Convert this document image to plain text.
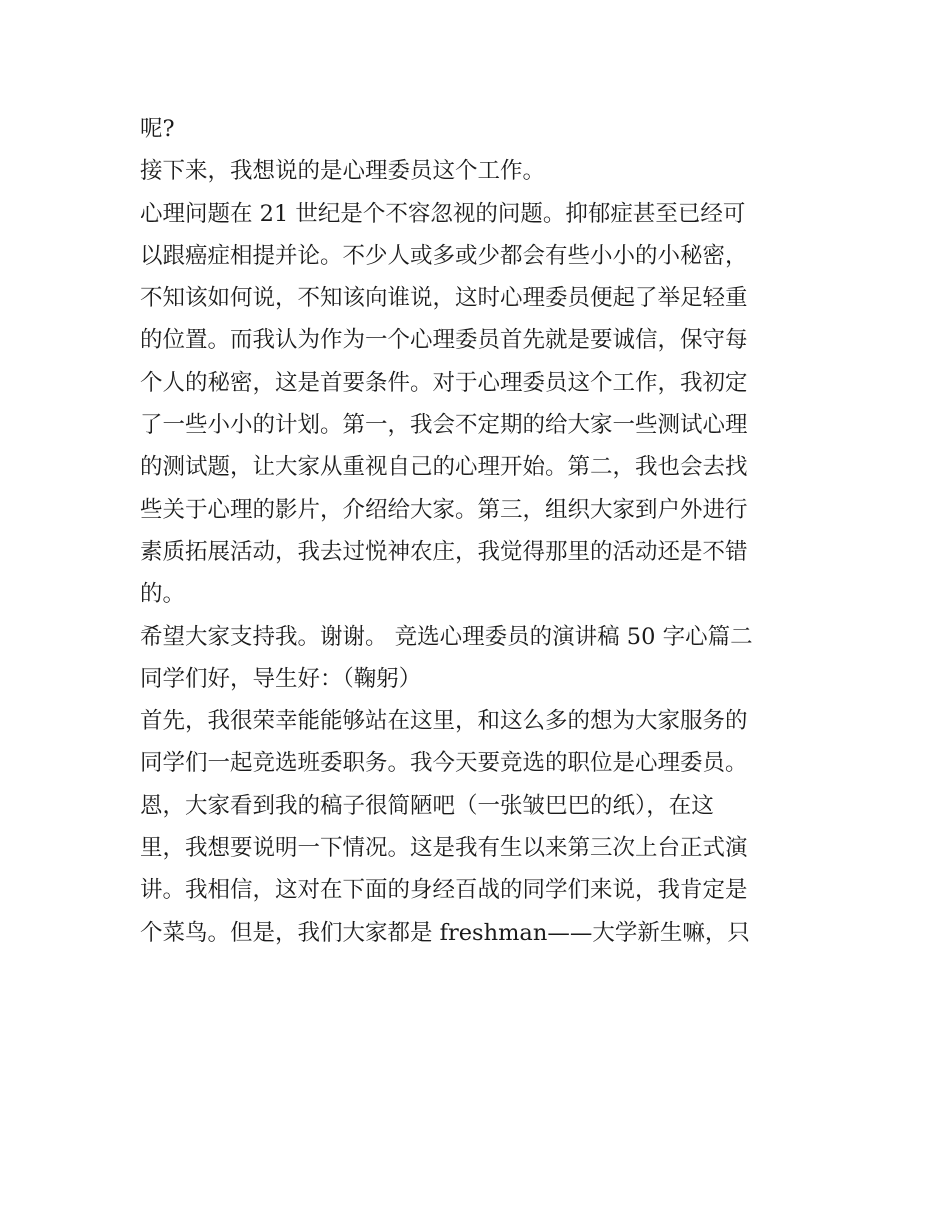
呢?
接下来，我想说的是心理委员这个工作。
心理问题在 21 世纪是个不容忽视的问题。抑郁症甚至已经可
以跟癌症相提并论。不少人或多或少都会有些小小的小秘密，
不知该如何说，不知该向谁说，这时心理委员便起了举足轻重
的位置。而我认为作为一个心理委员首先就是要诚信，保守每
个人的秘密，这是首要条件。对于心理委员这个工作，我初定
了一些小小的计划。第一，我会不定期的给大家一些测试心理
的测试题，让大家从重视自己的心理开始。第二，我也会去找
些关于心理的影片，介绍给大家。第三，组织大家到户外进行
素质拓展活动，我去过悦神农庄，我觉得那里的活动还是不错
的。
希望大家支持我。谢谢。 竞选心理委员的演讲稿 50 字心篇二
同学们好，导生好：（鞠躬）
首先，我很荣幸能能够站在这里，和这么多的想为大家服务的
同学们一起竞选班委职务。我今天要竞选的职位是心理委员。
恩，大家看到我的稿子很简陋吧（一张皱巴巴的纸），在这
里，我想要说明一下情况。这是我有生以来第三次上台正式演
讲。我相信，这对在下面的身经百战的同学们来说，我肯定是
个菜鸟。但是，我们大家都是 freshman——大学新生嘛，只
